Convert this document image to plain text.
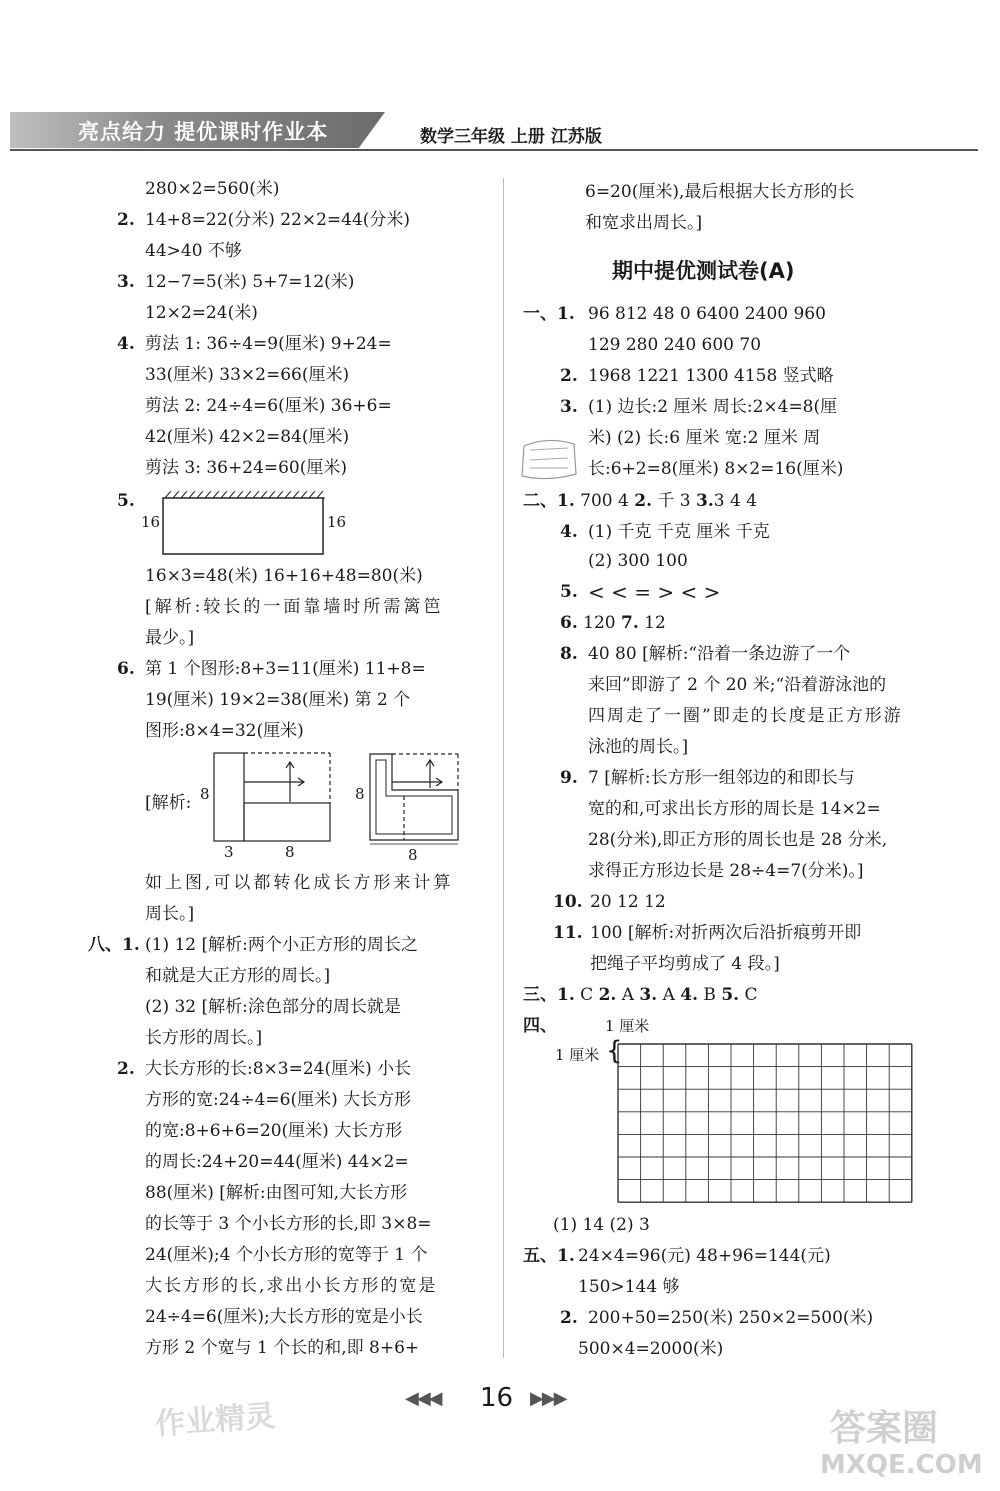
亮点给力 提优课时作业本	数学三年级 上册 江苏版
280×2=560(米)
2. 14+8=22(分米) 22×2=44(分米)
44>40 不够
3. 12−7=5(米) 5+7=12(米)
12×2=24(米)
4. 剪法 1: 36÷4=9(厘米) 9+24=
33(厘米) 33×2=66(厘米)
剪法 2: 24÷4=6(厘米) 36+6=
42(厘米) 42×2=84(厘米)
剪法 3: 36+24=60(厘米)
5.
16	16
16×3=48(米) 16+16+48=80(米)
[解析:较长的一面靠墙时所需篱笆
最少。]
6. 第 1 个图形:8+3=11(厘米) 11+8=
19(厘米) 19×2=38(厘米) 第 2 个
图形:8×4=32(厘米)
[解析: 8
3	8
8
8
如上图,可以都转化成长方形来计算
周长。]
八、1. (1) 12 [解析:两个小正方形的周长之
和就是大正方形的周长。]
(2) 32 [解析:涂色部分的周长就是
长方形的周长。]
2. 大长方形的长:8×3=24(厘米) 小长
方形的宽:24÷4=6(厘米) 大长方形
的宽:8+6+6=20(厘米) 大长方形
的周长:24+20=44(厘米) 44×2=
88(厘米) [解析:由图可知,大长方形
的长等于 3 个小长方形的长,即 3×8=
24(厘米);4 个小长方形的宽等于 1 个
大长方形的长,求出小长方形的宽是
24÷4=6(厘米);大长方形的宽是小长
方形 2 个宽与 1 个长的和,即 8+6+
6=20(厘米),最后根据大长方形的长
和宽求出周长。]
期中提优测试卷(A)
一、1. 96 812 48 0 6400 2400 960
129 280 240 600 70
2. 1968 1221 1300 4158 竖式略
3. (1) 边长:2 厘米 周长:2×4=8(厘
米) (2) 长:6 厘米 宽:2 厘米 周
长:6+2=8(厘米) 8×2=16(厘米)
二、1. 700 4 2. 千 3 3.3 4 4
4. (1) 千克 千克 厘米 千克
(2) 300 100
5. < < = > < >
6. 120 7. 12
8. 40 80 [解析:“沿着一条边游了一个
来回”即游了 2 个 20 米;“沿着游泳池的
四周走了一圈”即走的长度是正方形游
泳池的周长。]
9. 7 [解析:长方形一组邻边的和即长与
宽的和,可求出长方形的周长是 14×2=
28(分米),即正方形的周长也是 28 分米,
求得正方形边长是 28÷4=7(分米)。]
10. 20 12 12
11. 100 [解析:对折两次后沿折痕剪开即
把绳子平均剪成了 4 段。]
三、1. C 2. A 3. A 4. B 5. C
四、	1 厘米
1 厘米 {
(1) 14 (2) 3
五、1. 24×4=96(元) 48+96=144(元)
150>144 够
2. 200+50=250(米) 250×2=500(米)
500×4=2000(米)
◀◀◀ 16 ▶▶▶
作业精灵	答案圈
MXQE.COM
